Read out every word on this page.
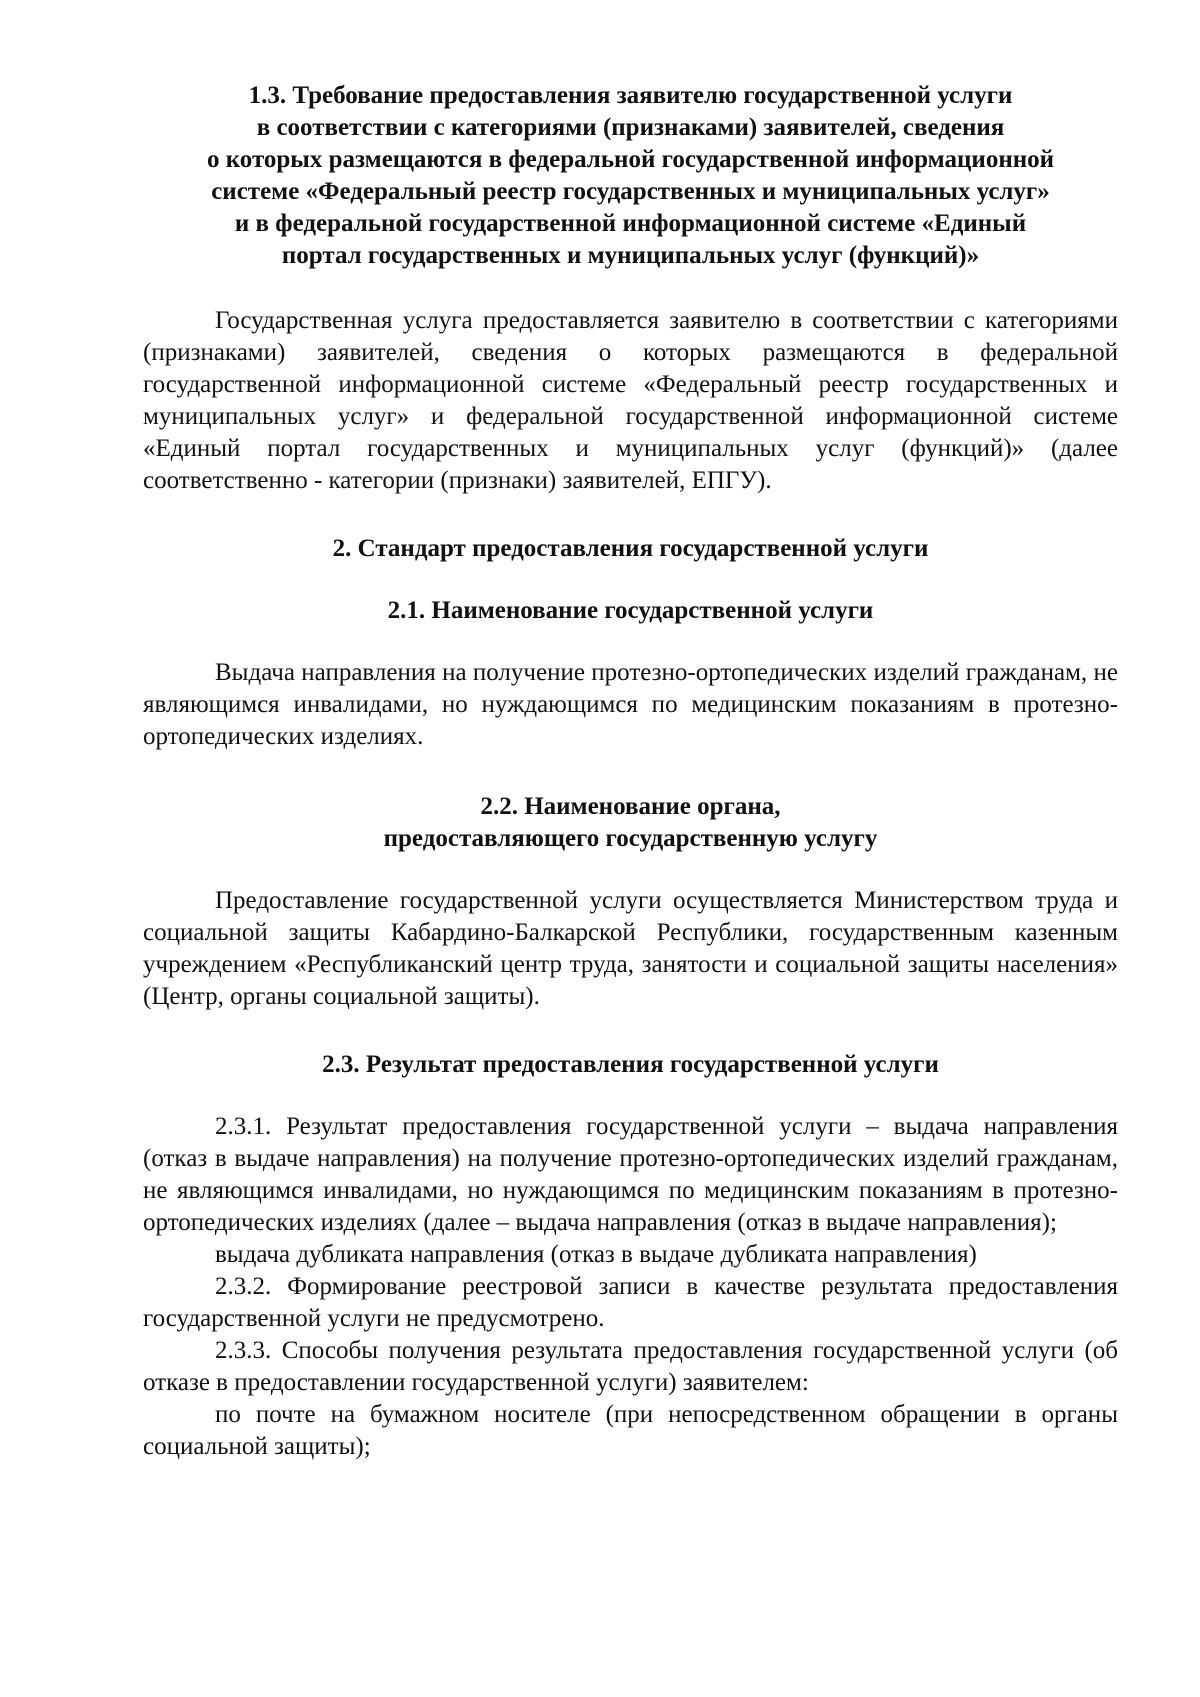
1.3. Требование предоставления заявителю государственной услуги
в соответствии с категориями (признаками) заявителей, сведения
о которых размещаются в федеральной государственной информационной
системе «Федеральный реестр государственных и муниципальных услуг»
и в федеральной государственной информационной системе «Единый
портал государственных и муниципальных услуг (функций)»

Государственная услуга предоставляется заявителю в соответствии с категориями (признаками) заявителей, сведения о которых размещаются в федеральной государственной информационной системе «Федеральный реестр государственных и муниципальных услуг» и федеральной государственной информационной системе «Единый портал государственных и муниципальных услуг (функций)» (далее соответственно - категории (признаки) заявителей, ЕПГУ).

2. Стандарт предоставления государственной услуги
2.1. Наименование государственной услуги

Выдача направления на получение протезно-ортопедических изделий гражданам, не являющимся инвалидами, но нуждающимся по медицинским показаниям в протезно-ортопедических изделиях.

2.2. Наименование органа,
предоставляющего государственную услугу

Предоставление государственной услуги осуществляется Министерством труда и социальной защиты Кабардино-Балкарской Республики, государственным казенным учреждением «Республиканский центр труда, занятости и социальной защиты населения» (Центр, органы социальной защиты).

2.3. Результат предоставления государственной услуги

2.3.1. Результат предоставления государственной услуги – выдача направления (отказ в выдаче направления) на получение протезно-ортопедических изделий гражданам, не являющимся инвалидами, но нуждающимся по медицинским показаниям в протезно-ортопедических изделиях (далее – выдача направления (отказ в выдаче направления);

выдача дубликата направления (отказ в выдаче дубликата направления)

2.3.2. Формирование реестровой записи в качестве результата предоставления государственной услуги не предусмотрено.

2.3.3. Способы получения результата предоставления государственной услуги (об отказе в предоставлении государственной услуги) заявителем:

по почте на бумажном носителе (при непосредственном обращении в органы социальной защиты);
